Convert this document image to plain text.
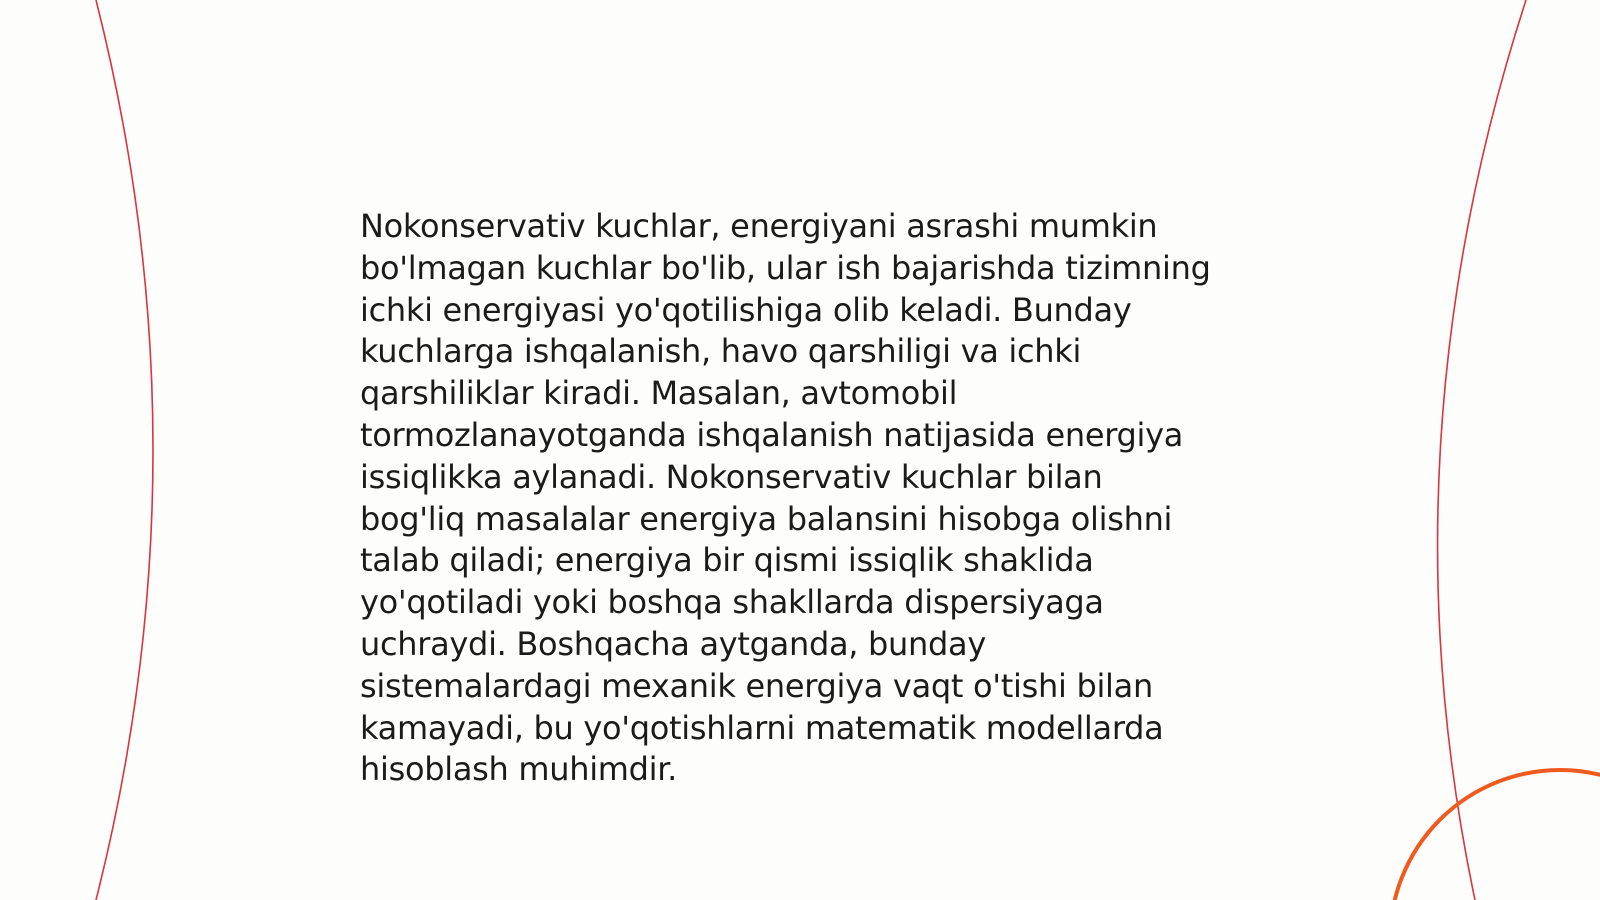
Nokonservativ kuchlar, energiyani asrashi mumkin
bo'lmagan kuchlar bo'lib, ular ish bajarishda tizimning
ichki energiyasi yo'qotilishiga olib keladi. Bunday
kuchlarga ishqalanish, havo qarshiligi va ichki
qarshiliklar kiradi. Masalan, avtomobil
tormozlanayotganda ishqalanish natijasida energiya
issiqlikka aylanadi. Nokonservativ kuchlar bilan
bog'liq masalalar energiya balansini hisobga olishni
talab qiladi; energiya bir qismi issiqlik shaklida
yo'qotiladi yoki boshqa shakllarda dispersiyaga
uchraydi. Boshqacha aytganda, bunday
sistemalardagi mexanik energiya vaqt o'tishi bilan
kamayadi, bu yo'qotishlarni matematik modellarda
hisoblash muhimdir.
